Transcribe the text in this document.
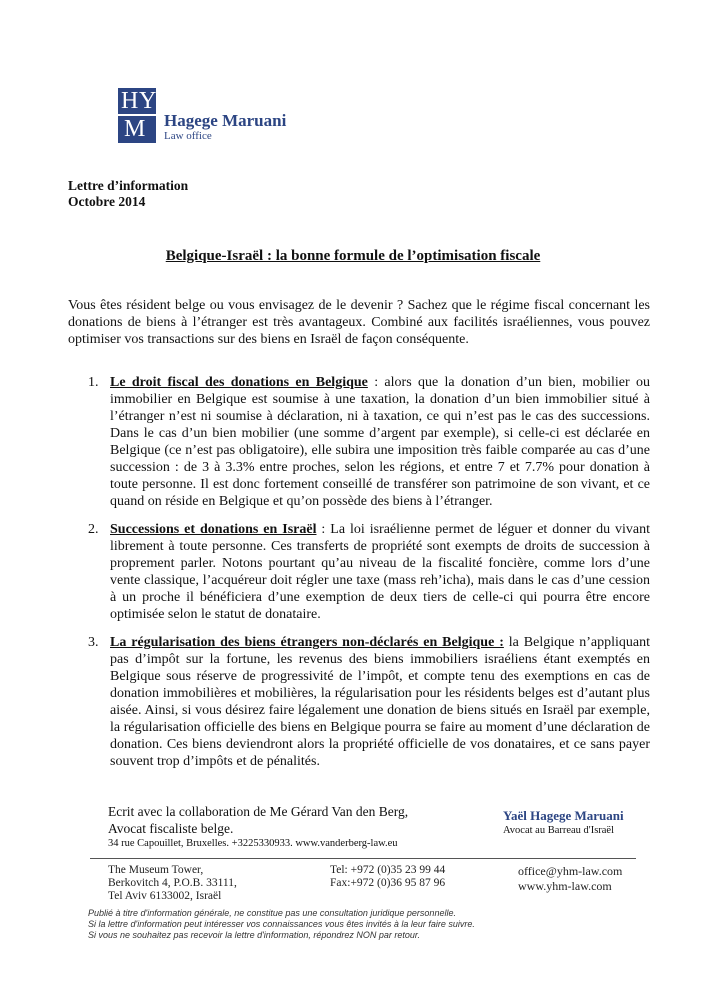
H Y
M Hagege Maruani
Law office
Lettre d’information
Octobre 2014
Belgique-Israël : la bonne formule de l’optimisation fiscale
Vous êtes résident belge ou vous envisagez de le devenir ? Sachez que le régime fiscal concernant les donations de biens à l’étranger est très avantageux. Combiné aux facilités israéliennes, vous pouvez optimiser vos transactions sur des biens en Israël de façon conséquente.
1. Le droit fiscal des donations en Belgique : alors que la donation d’un bien, mobilier ou immobilier en Belgique est soumise à une taxation, la donation d’un bien immobilier situé à l’étranger n’est ni soumise à déclaration, ni à taxation, ce qui n’est pas le cas des successions. Dans le cas d’un bien mobilier (une somme d’argent par exemple), si celle-ci est déclarée en Belgique (ce n’est pas obligatoire), elle subira une imposition très faible comparée au cas d’une succession : de 3 à 3.3% entre proches, selon les régions, et entre 7 et 7.7% pour donation à toute personne. Il est donc fortement conseillé de transférer son patrimoine de son vivant, et ce quand on réside en Belgique et qu’on possède des biens à l’étranger.
2. Successions et donations en Israël : La loi israélienne permet de léguer et donner du vivant librement à toute personne. Ces transferts de propriété sont exempts de droits de succession à proprement parler. Notons pourtant qu’au niveau de la fiscalité foncière, comme lors d’une vente classique, l’acquéreur doit régler une taxe (mass reh’icha), mais dans le cas d’une cession à un proche il bénéficiera d’une exemption de deux tiers de celle-ci qui pourra être encore optimisée selon le statut de donataire.
3. La régularisation des biens étrangers non-déclarés en Belgique : la Belgique n’appliquant pas d’impôt sur la fortune, les revenus des biens immobiliers israéliens étant exemptés en Belgique sous réserve de progressivité de l’impôt, et compte tenu des exemptions en cas de donation immobilières et mobilières, la régularisation pour les résidents belges est d’autant plus aisée. Ainsi, si vous désirez faire légalement une donation de biens situés en Israël par exemple, la régularisation officielle des biens en Belgique pourra se faire au moment d’une déclaration de donation. Ces biens deviendront alors la propriété officielle de vos donataires, et ce sans payer souvent trop d’impôts et de pénalités.
Ecrit avec la collaboration de Me Gérard Van den Berg,
Avocat fiscaliste belge.
34 rue Capouillet, Bruxelles. +3225330933. www.vanderberg-law.eu
Yaël Hagege Maruani
Avocat au Barreau d'Israël
The Museum Tower,
Berkovitch 4, P.O.B. 33111,
Tel Aviv 6133002, Israël
Tel: +972 (0)35 23 99 44
Fax:+972 (0)36 95 87 96
office@yhm-law.com
www.yhm-law.com
Publié à titre d'information générale, ne constitue pas une consultation juridique personnelle.
Si la lettre d'information peut intéresser vos connaissances vous êtes invités à la leur faire suivre.
Si vous ne souhaitez pas recevoir la lettre d'information, répondrez NON par retour.
